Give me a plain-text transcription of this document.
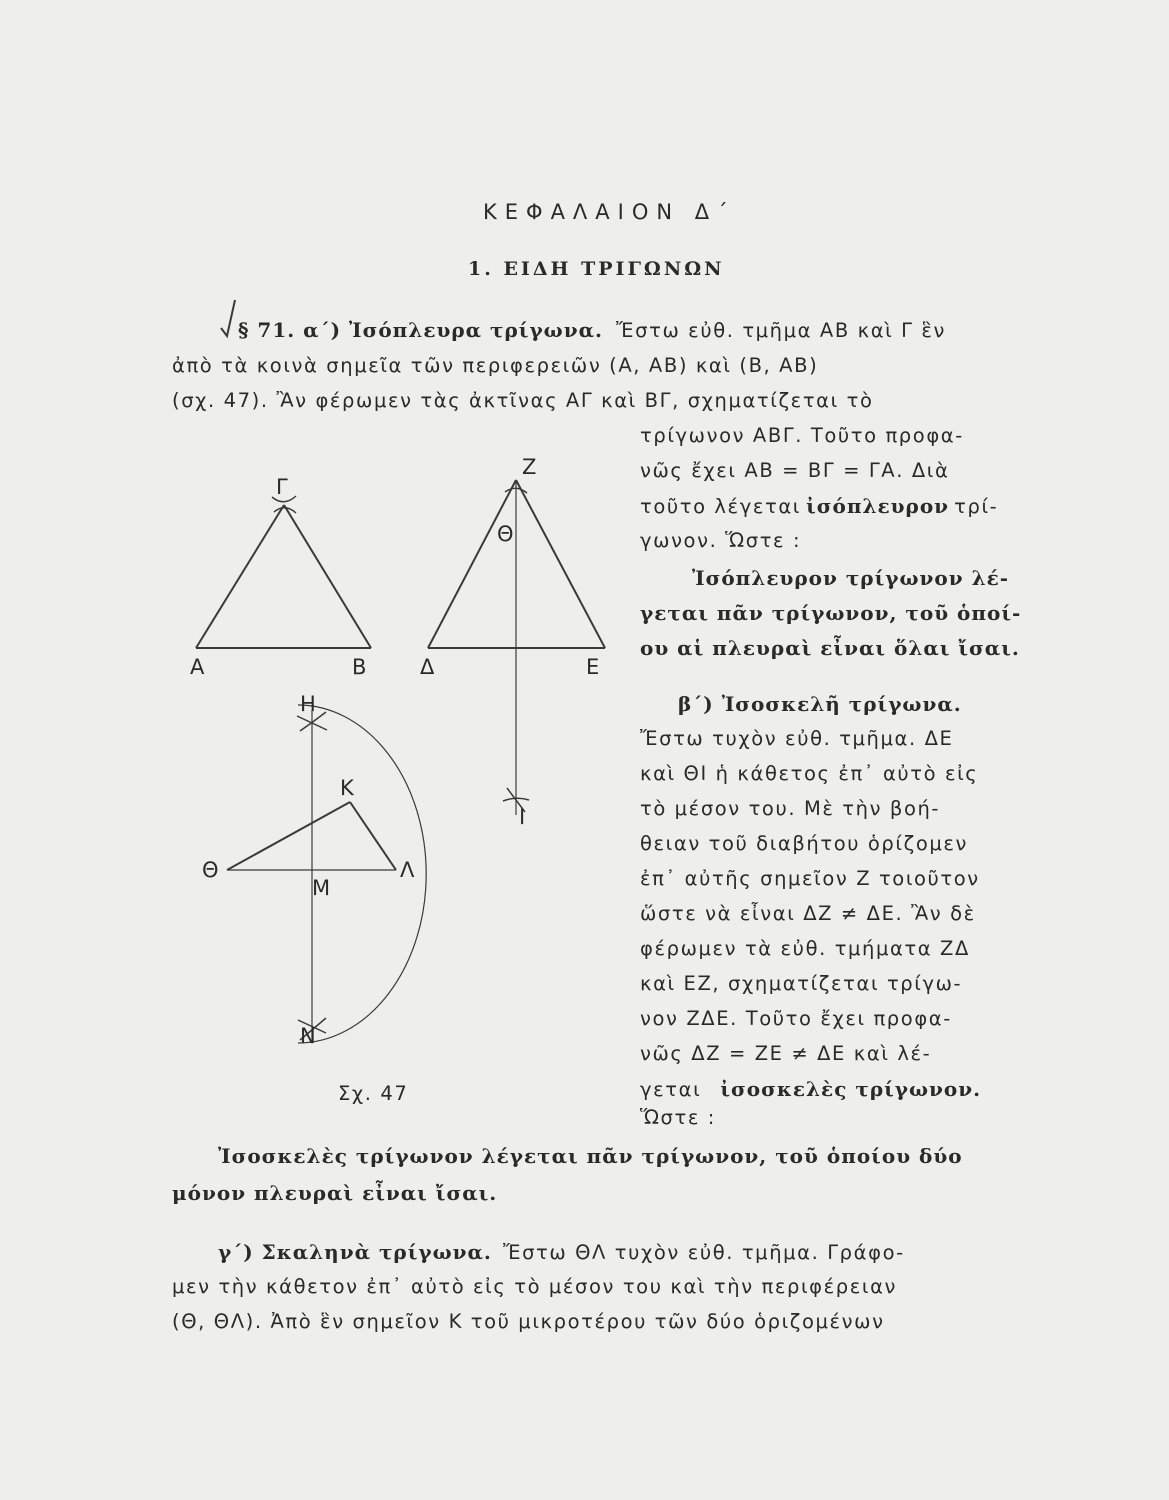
ΚΕΦΑΛΑΙΟΝ Δ΄
1. ΕΙΔΗ ΤΡΙΓΩΝΩΝ
§ 71. α΄) Ἰσόπλευρα τρίγωνα. Ἔστω εὐθ. τμῆμα ΑΒ καὶ Γ ἓν
ἀπὸ τὰ κοινὰ σημεῖα τῶν περιφερειῶν (Α, ΑΒ) καὶ (Β, ΑΒ)
(σχ. 47). Ἂν φέρωμεν τὰς ἀκτῖνας ΑΓ καὶ ΒΓ, σχηματίζεται τὸ
τρίγωνον ΑΒΓ. Τοῦτο προφα-
νῶς ἔχει ΑΒ = ΒΓ = ΓΑ. Διὰ
τοῦτο λέγεται ἰσόπλευρον τρί-
γωνον. Ὥστε :
Ἰσόπλευρον τρίγωνον λέ-
γεται πᾶν τρίγωνον, τοῦ ὁποί-
ου αἱ πλευραὶ εἶναι ὅλαι ἴσαι.
β΄) Ἰσοσκελῆ τρίγωνα.
Ἔστω τυχὸν εὐθ. τμῆμα. ΔΕ
καὶ ΘΙ ἡ κάθετος ἐπ᾽ αὐτὸ εἰς
τὸ μέσον του. Μὲ τὴν βοή-
θειαν τοῦ διαβήτου ὁρίζομεν
ἐπ᾽ αὐτῆς σημεῖον Ζ τοιοῦτον
ὥστε νὰ εἶναι ΔΖ ≠ ΔΕ. Ἂν δὲ
φέρωμεν τὰ εὐθ. τμήματα ΖΔ
καὶ ΕΖ, σχηματίζεται τρίγω-
νον ΖΔΕ. Τοῦτο ἔχει προφα-
νῶς ΔΖ = ΖΕ ≠ ΔΕ καὶ λέ-
γεται ἰσοσκελὲς τρίγωνον.
Ὥστε :
Ἰσοσκελὲς τρίγωνον λέγεται πᾶν τρίγωνον, τοῦ ὁποίου δύο
μόνον πλευραὶ εἶναι ἴσαι.
γ΄) Σκαληνὰ τρίγωνα. Ἔστω ΘΛ τυχὸν εὐθ. τμῆμα. Γράφο-
μεν τὴν κάθετον ἐπ᾽ αὐτὸ εἰς τὸ μέσον του καὶ τὴν περιφέρειαν
(Θ, ΘΛ). Ἀπὸ ἓν σημεῖον Κ τοῦ μικροτέρου τῶν δύο ὁριζομένων
Γ
Α	Β
Ζ
Θ
Δ	Ε
Ι
Η
Κ
Θ
Μ
Λ
Ν
Σχ. 47
